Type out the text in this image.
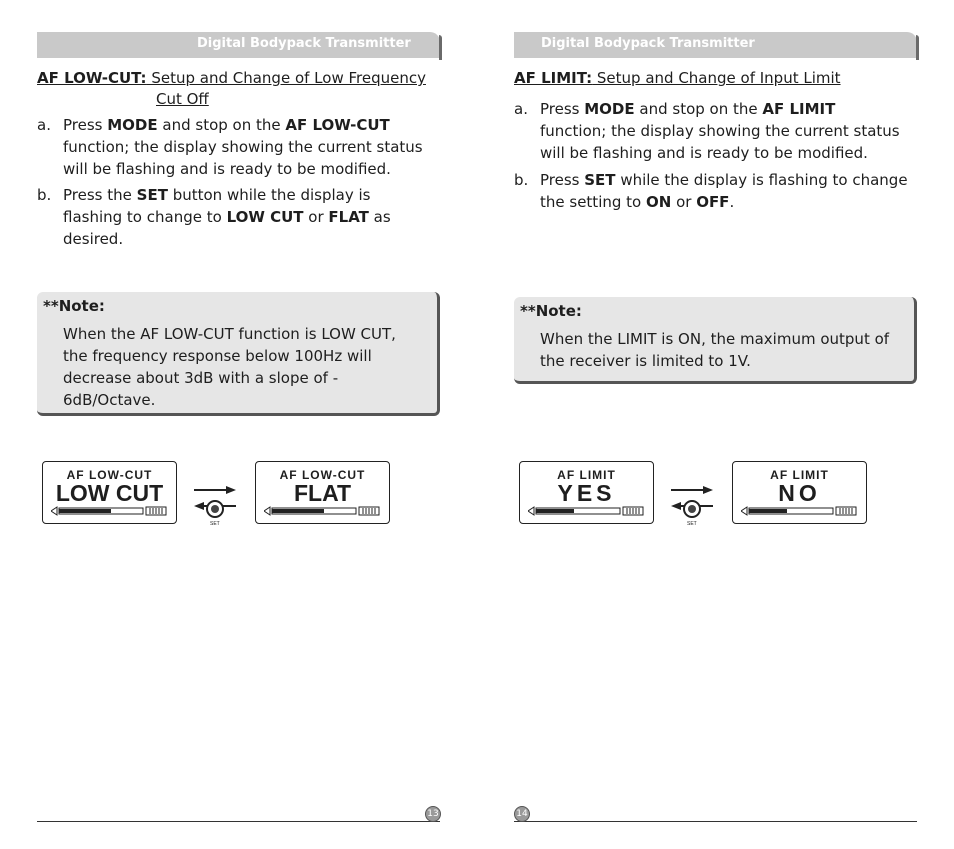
Digital Bodypack Transmitter
AF LOW-CUT: Setup and Change of Low Frequency
Cut Off
a. Press MODE and stop on the AF LOW-CUT
function; the display showing the current status
will be flashing and is ready to be modified.
b. Press the SET button while the display is
flashing to change to LOW CUT or FLAT as
desired.
**Note:
When the AF LOW-CUT function is LOW CUT,
the frequency response below 100Hz will
decrease about 3dB with a slope of -
6dB/Octave.
AF LOW-CUT
LOW CUT
SET
AF LOW-CUT
FLAT
13
Digital Bodypack Transmitter
AF LIMIT: Setup and Change of Input Limit
a. Press MODE and stop on the AF LIMIT
function; the display showing the current status
will be flashing and is ready to be modified.
b. Press SET while the display is flashing to change
the setting to ON or OFF.
**Note:
When the LIMIT is ON, the maximum output of
the receiver is limited to 1V.
AF LIMIT
YES
SET
AF LIMIT
NO
14
